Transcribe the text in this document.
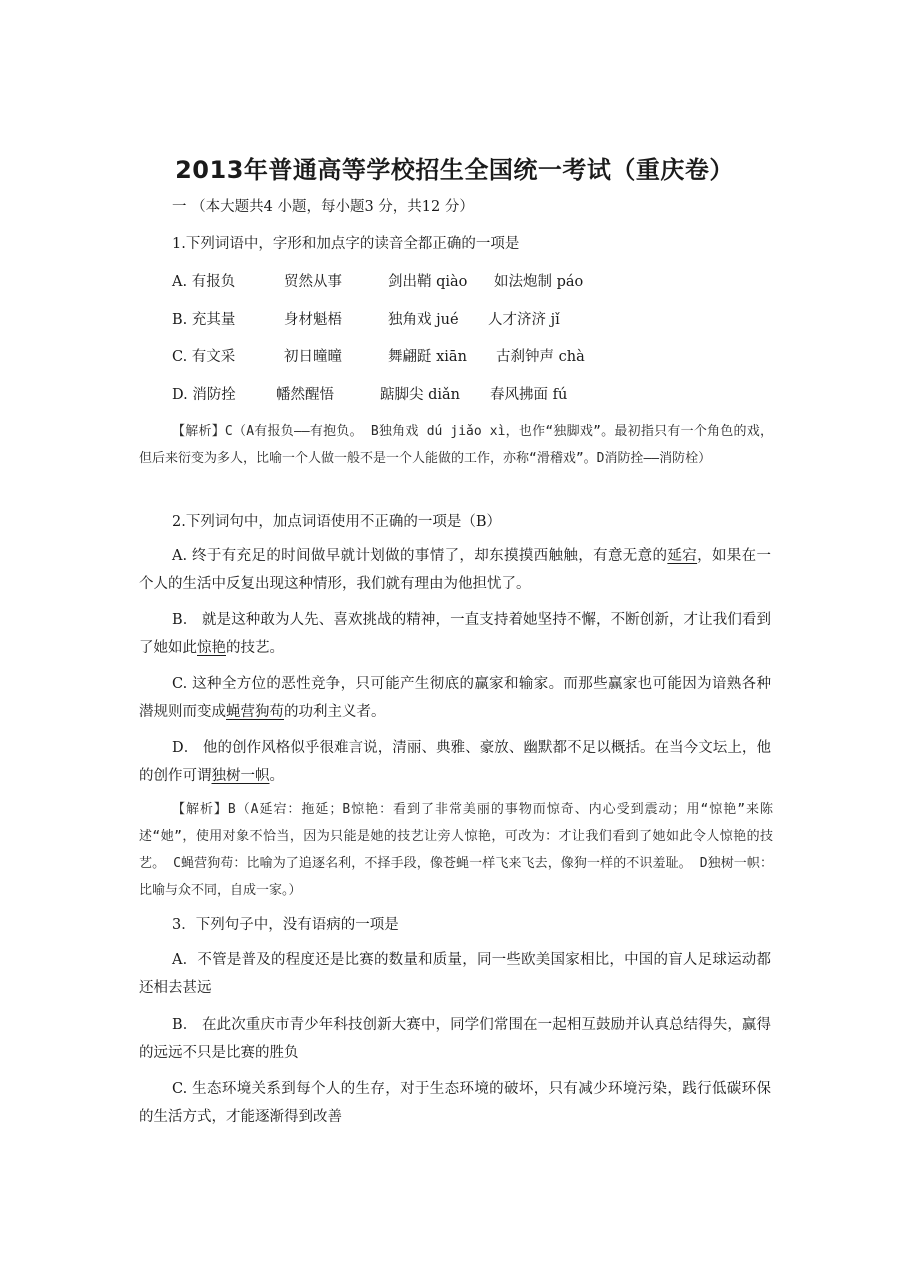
2013年普通高等学校招生全国统一考试（重庆卷）
一 （本大题共4 小题，每小题3 分，共12 分）
1.下列词语中，字形和加点字的读音全都正确的一项是
A. 有报负	贸然从事	剑出鞘 qiào 如法炮制 páo
B. 充其量	身材魁梧	独角戏 jué 人才济济 jǐ
C. 有文采	初日曈曈	舞翩跹 xiān 古刹钟声 chà
D. 消防拴	幡然醒悟	踮脚尖 diǎn 春风拂面 fú
【解析】C（A有报负——有抱负。 B独角戏 dú jiǎo xì，也作“独脚戏”。最初指只有一个角色的戏，但后来衍变为多人，比喻一个人做一般不是一个人能做的工作，亦称“滑稽戏”。D消防拴——消防栓）
2.下列词句中，加点词语使用不正确的一项是（B）
A. 终于有充足的时间做早就计划做的事情了，却东摸摸西触触，有意无意的延宕，如果在一个人的生活中反复出现这种情形，我们就有理由为他担忧了。
B． 就是这种敢为人先、喜欢挑战的精神，一直支持着她坚持不懈，不断创新，才让我们看到了她如此惊艳的技艺。
C. 这种全方位的恶性竞争，只可能产生彻底的赢家和输家。而那些赢家也可能因为谙熟各种潜规则而变成蝇营狗苟的功利主义者。
D． 他的创作风格似乎很难言说，清丽、典雅、豪放、幽默都不足以概括。在当今文坛上，他的创作可谓独树一帜。
【解析】B（A延宕：拖延；B惊艳：看到了非常美丽的事物而惊奇、内心受到震动；用“惊艳”来陈述“她”，使用对象不恰当，因为只能是她的技艺让旁人惊艳，可改为：才让我们看到了她如此令人惊艳的技艺。 C蝇营狗苟：比喻为了追逐名利，不择手段，像苍蝇一样飞来飞去，像狗一样的不识羞耻。 D独树一帜：比喻与众不同，自成一家。）
3．下列句子中，没有语病的一项是
A．不管是普及的程度还是比赛的数量和质量，同一些欧美国家相比，中国的盲人足球运动都还相去甚远
B． 在此次重庆市青少年科技创新大赛中，同学们常围在一起相互鼓励并认真总结得失，赢得的远远不只是比赛的胜负
C. 生态环境关系到每个人的生存，对于生态环境的破坏，只有减少环境污染，践行低碳环保的生活方式，才能逐渐得到改善
